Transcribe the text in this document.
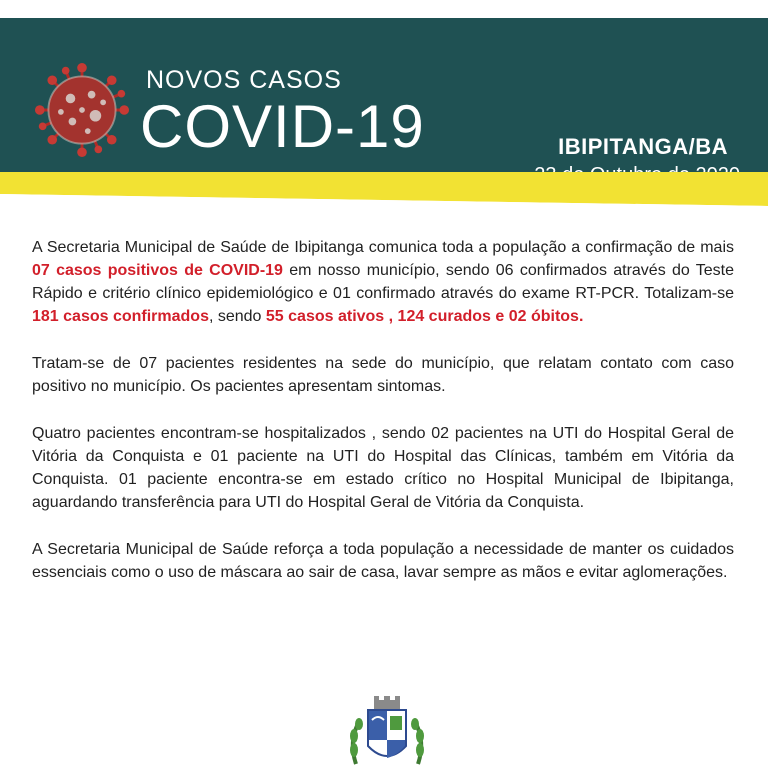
NOVOS CASOS
COVID-19	IBIPITANGA/BA

A Secretaria Municipal de Saúde de Ibipitanga comunica toda a população a confirmação de mais 07 casos positivos de COVID-19 em nosso município, sendo 06 confirmados através do Teste Rápido e critério clínico epidemiológico e 01 confirmado através do exame RT-PCR. Totalizam-se 181 casos confirmados, sendo 55 casos ativos , 124 curados e 02 óbitos.

Tratam-se de 07 pacientes residentes na sede do município, que relatam contato com caso positivo no município. Os pacientes apresentam sintomas.

Quatro pacientes encontram-se hospitalizados , sendo 02 pacientes na UTI do Hospital Geral de Vitória da Conquista e 01 paciente na UTI do Hospital das Clínicas, também em Vitória da Conquista. 01 paciente encontra-se em estado crítico no Hospital Municipal de Ibipitanga, aguardando transferência para UTI do Hospital Geral de Vitória da Conquista.

A Secretaria Municipal de Saúde reforça a toda população a necessidade de manter os cuidados essenciais como o uso de máscara ao sair de casa, lavar sempre as mãos e evitar aglomerações.
